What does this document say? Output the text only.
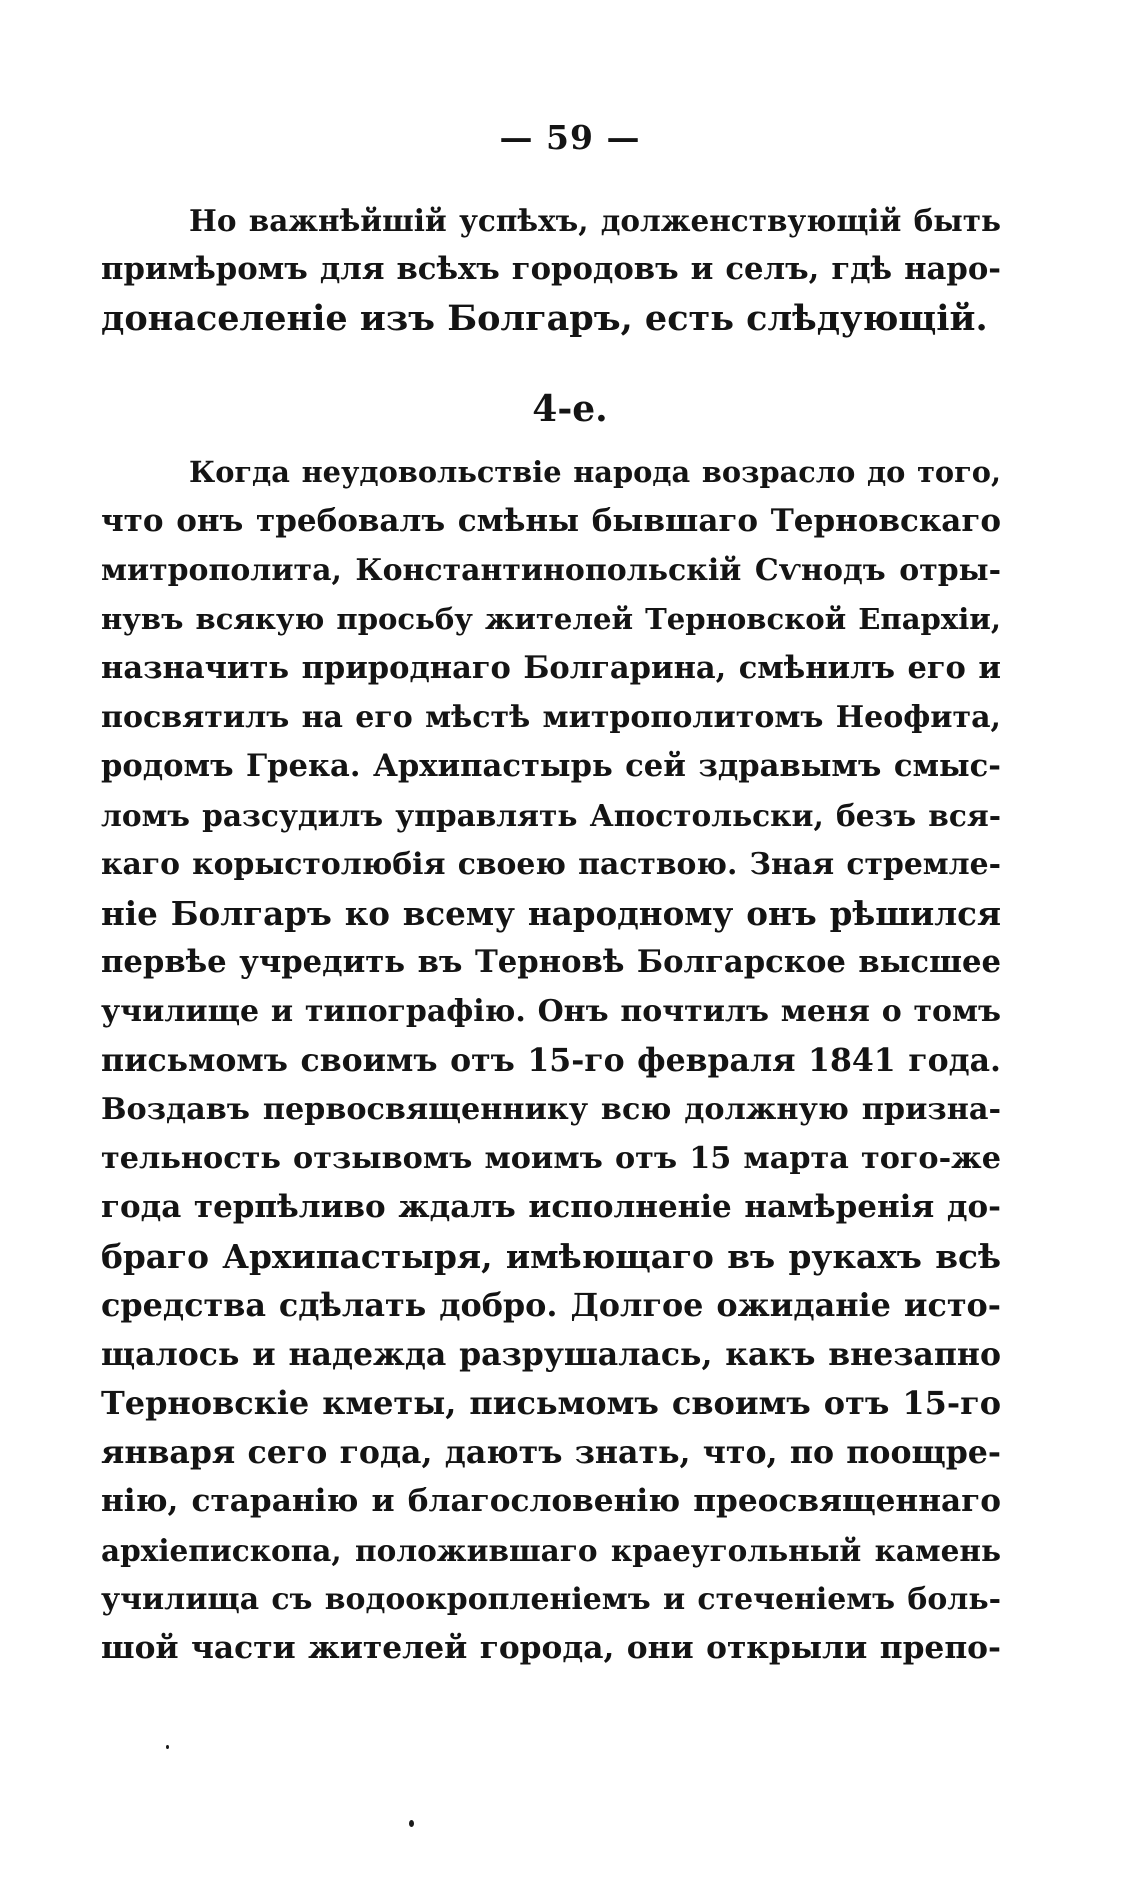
— 59 —
Но важнѣйшій успѣхъ, долженствующій быть
примѣромъ для всѣхъ городовъ и селъ, гдѣ наро-
донаселеніе изъ Болгаръ, есть слѣдующій.
4-е.
Когда неудовольствіе народа возрасло до того,
что онъ требовалъ смѣны бывшаго Терновскаго
митрополита, Константинопольскій Сѵнодъ отры-
нувъ всякую просьбу жителей Терновской Епархіи,
назначить природнаго Болгарина, смѣнилъ его и
посвятилъ на его мѣстѣ митрополитомъ Неофита,
родомъ Грека. Архипастырь сей здравымъ смыс-
ломъ разсудилъ управлять Апостольски, безъ вся-
каго корыстолюбія своею паствою. Зная стремле-
ніе Болгаръ ко всему народному онъ рѣшился
первѣе учредить въ Терновѣ Болгарское высшее
училище и типографію. Онъ почтилъ меня о томъ
письмомъ своимъ отъ 15-го февраля 1841 года.
Воздавъ первосвященнику всю должную призна-
тельность отзывомъ моимъ отъ 15 марта того-же
года терпѣливо ждалъ исполненіе намѣренія до-
браго Архипастыря, имѣющаго въ рукахъ всѣ
средства сдѣлать добро. Долгое ожиданіе исто-
щалось и надежда разрушалась, какъ внезапно
Терновскіе кметы, письмомъ своимъ отъ 15-го
января сего года, даютъ знать, что, по поощре-
нію, старанію и благословенію преосвященнаго
архіепископа, положившаго краеугольный камень
училища съ водоокропленіемъ и стеченіемъ боль-
шой части жителей города, они открыли препо-
